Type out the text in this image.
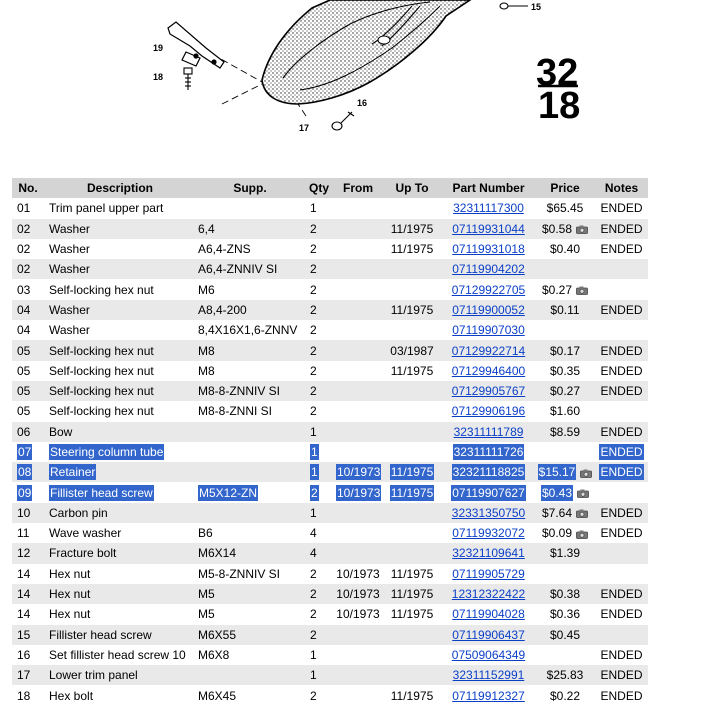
15
16
17
18
19
32
18
No.	Description	Supp.	Qty	From	Up To	Part Number	Price	Notes
01	Trim panel upper part		1			32311117300	$65.45	ENDED
02	Washer	6,4	2		11/1975	07119931044	$0.58	ENDED
02	Washer	A6,4-ZNS	2		11/1975	07119931018	$0.40	ENDED
02	Washer	A6,4-ZNNIV SI	2			07119904202		
03	Self-locking hex nut	M6	2			07129922705	$0.27	
04	Washer	A8,4-200	2		11/1975	07119900052	$0.11	ENDED
04	Washer	8,4X16X1,6-ZNNV	2			07119907030		
05	Self-locking hex nut	M8	2		03/1987	07129922714	$0.17	ENDED
05	Self-locking hex nut	M8	2		11/1975	07129946400	$0.35	ENDED
05	Self-locking hex nut	M8-8-ZNNIV SI	2			07129905767	$0.27	ENDED
05	Self-locking hex nut	M8-8-ZNNI SI	2			07129906196	$1.60	
06	Bow		1			32311111789	$8.59	ENDED
07	Steering column tube		1			32311111726		ENDED
08	Retainer		1	10/1973	11/1975	32321118825	$15.17	ENDED
09	Fillister head screw	M5X12-ZN	2	10/1973	11/1975	07119907627	$0.43	
10	Carbon pin		1			32331350750	$7.64	ENDED
11	Wave washer	B6	4			07119932072	$0.09	ENDED
12	Fracture bolt	M6X14	4			32321109641	$1.39	
14	Hex nut	M5-8-ZNNIV SI	2	10/1973	11/1975	07119905729		
14	Hex nut	M5	2	10/1973	11/1975	12312322422	$0.38	ENDED
14	Hex nut	M5	2	10/1973	11/1975	07119904028	$0.36	ENDED
15	Fillister head screw	M6X55	2			07119906437	$0.45	
16	Set fillister head screw 10	M6X8	1			07509064349		ENDED
17	Lower trim panel		1			32311152991	$25.83	ENDED
18	Hex bolt	M6X45	2		11/1975	07119912327	$0.22	ENDED
